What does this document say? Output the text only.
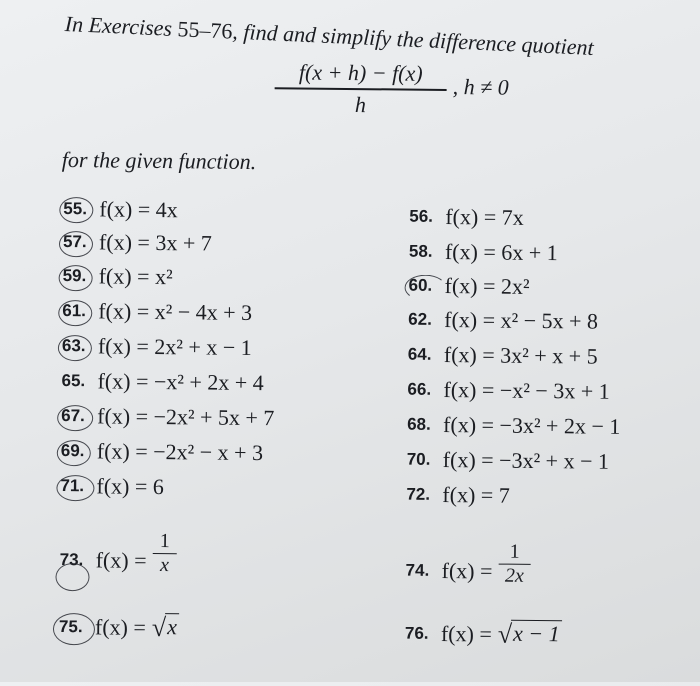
In Exercises 55–76, find and simplify the difference quotient
f(x + h) − f(x)
h
, h ≠ 0
for the given function.
55. f(x) = 4x
57. f(x) = 3x + 7
59. f(x) = x²
61. f(x) = x² − 4x + 3
63. f(x) = 2x² + x − 1
65. f(x) = −x² + 2x + 4
67. f(x) = −2x² + 5x + 7
69. f(x) = −2x² − x + 3
71. f(x) = 6
73. f(x) =
1
x
75. f(x) = √ x
56. f(x) = 7x
58. f(x) = 6x + 1
60. f(x) = 2x²
62. f(x) = x² − 5x + 8
64. f(x) = 3x² + x + 5
66. f(x) = −x² − 3x + 1
68. f(x) = −3x² + 2x − 1
70. f(x) = −3x² + x − 1
72. f(x) = 7
74. f(x) =
1
2x
76. f(x) = √ x − 1
